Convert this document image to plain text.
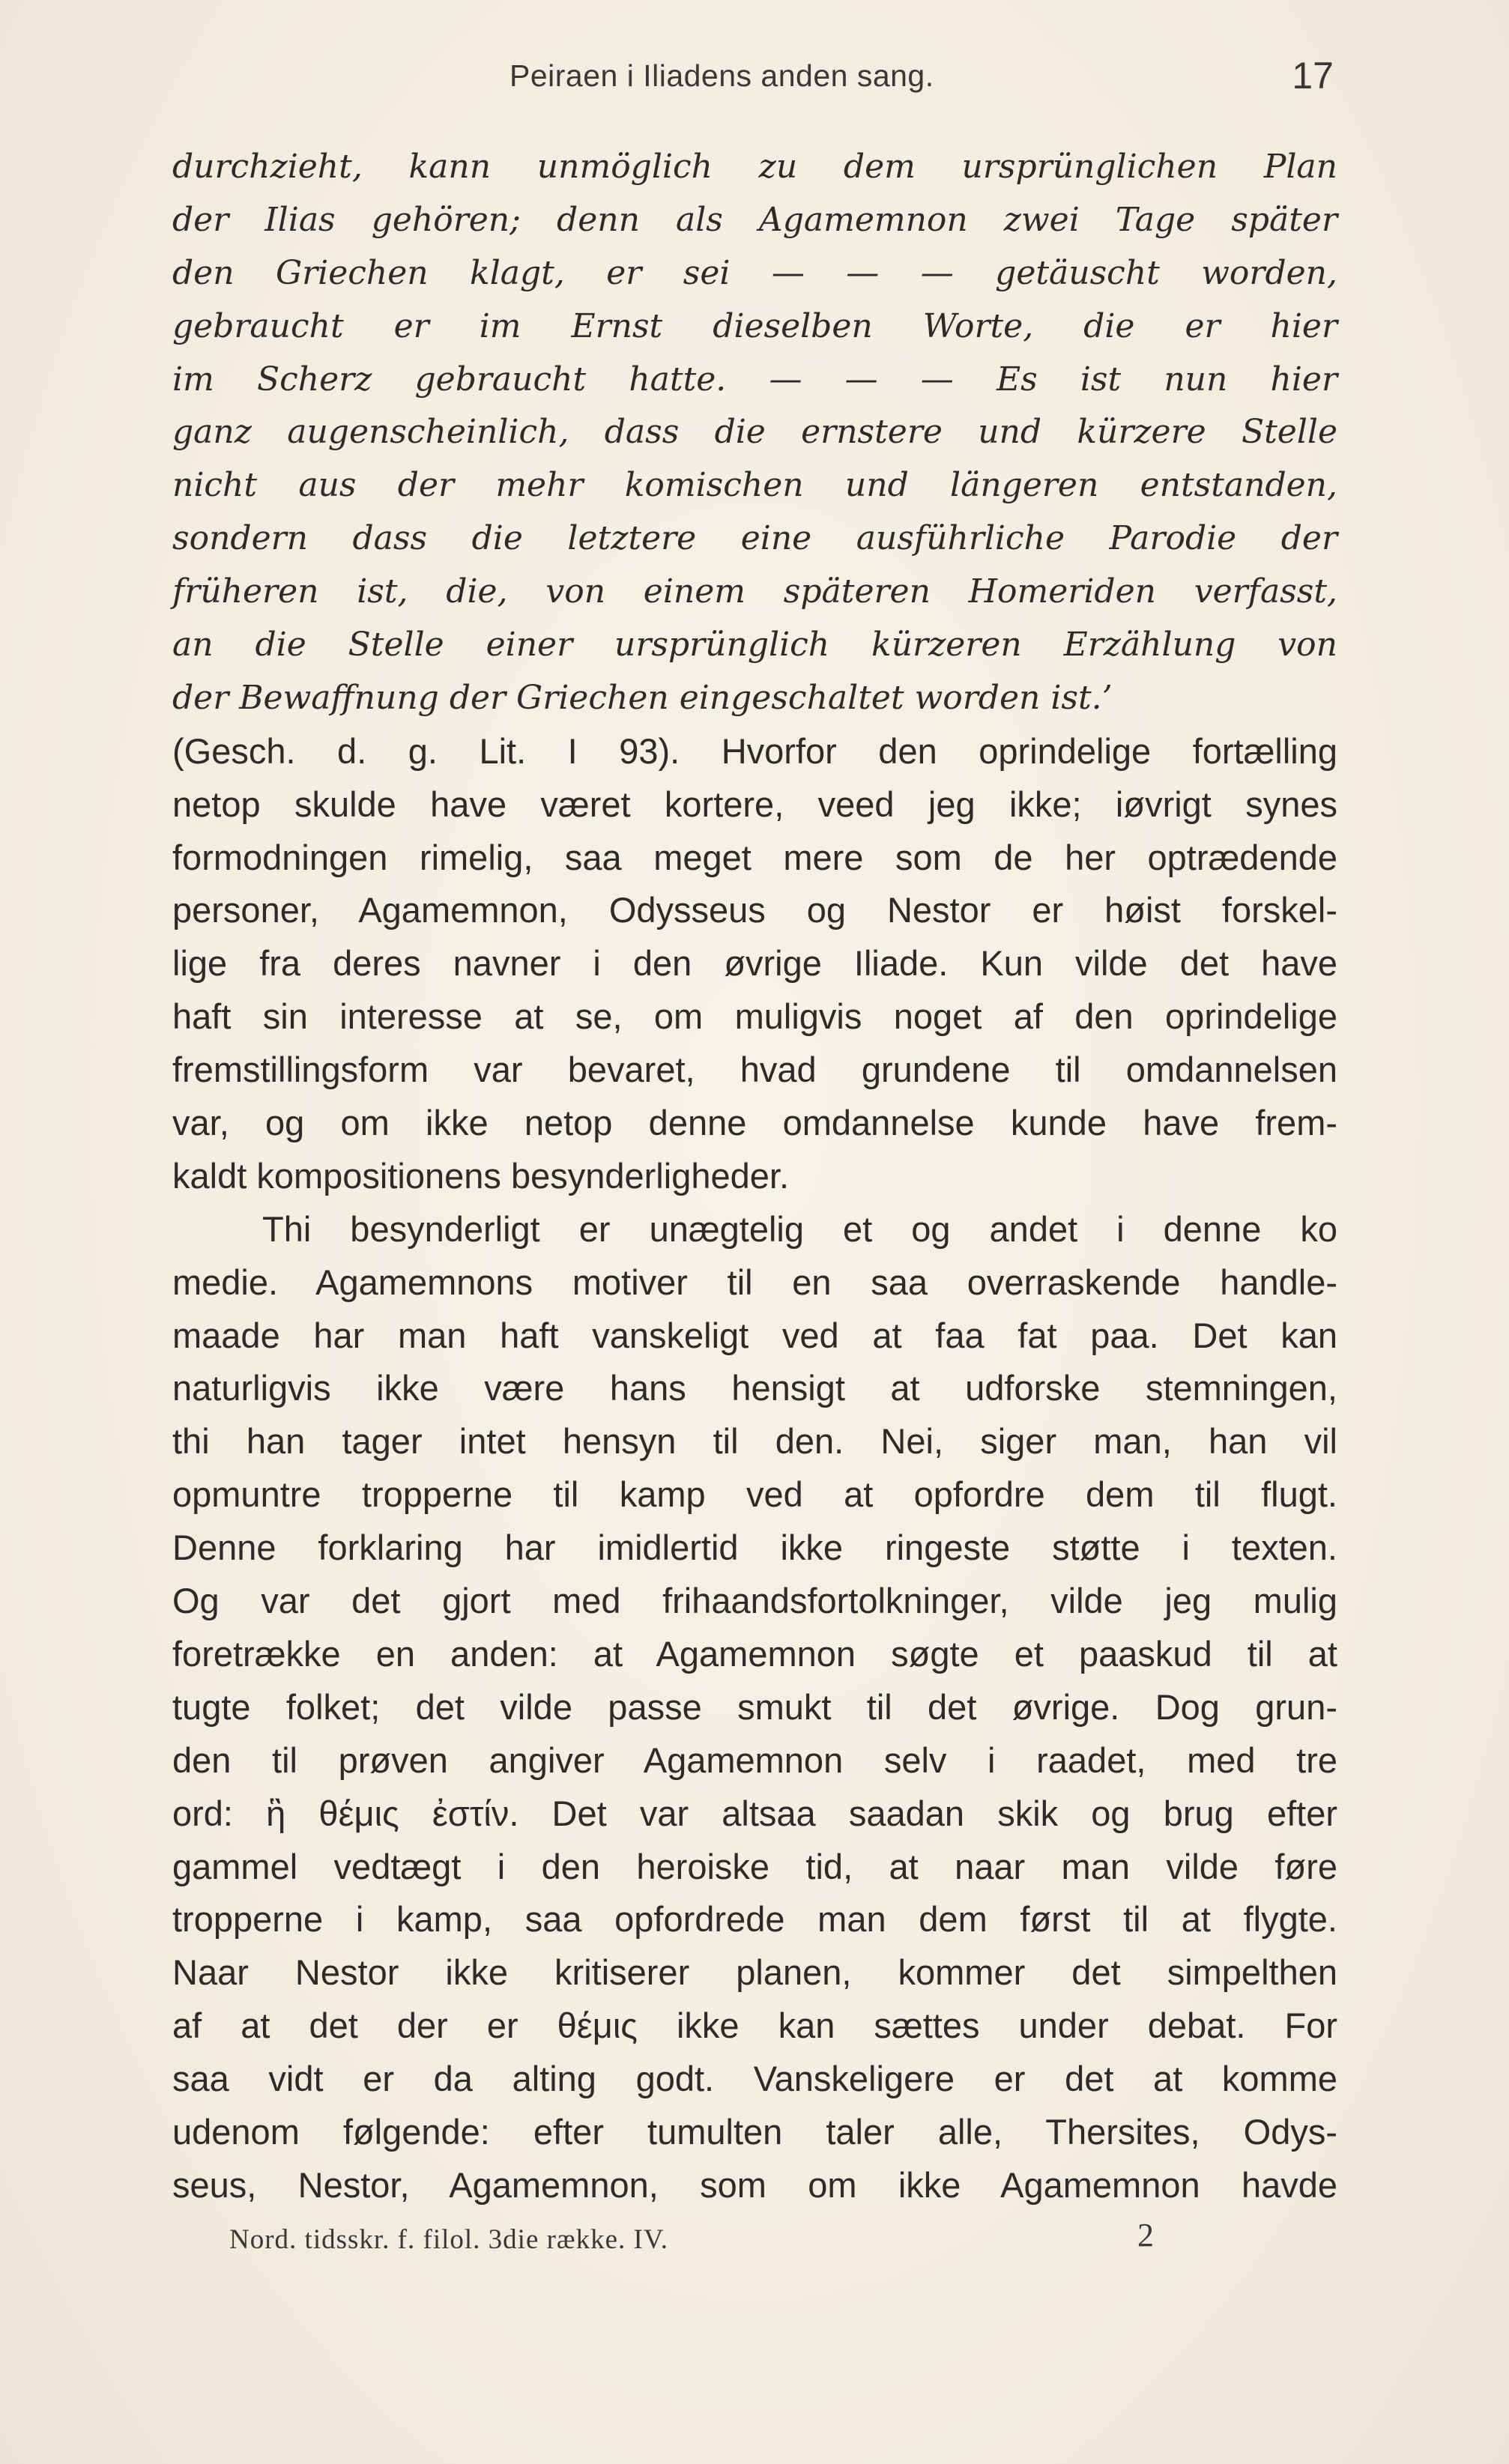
Peiraen i Iliadens anden sang.	17
durchzieht, kann unmöglich zu dem ursprünglichen Plan
der Ilias gehören; denn als Agamemnon zwei Tage später
den Griechen klagt, er sei — — — getäuscht worden,
gebraucht er im Ernst dieselben Worte, die er hier
im Scherz gebraucht hatte. — — — Es ist nun hier
ganz augenscheinlich, dass die ernstere und kürzere Stelle
nicht aus der mehr komischen und längeren entstanden,
sondern dass die letztere eine ausführliche Parodie der
früheren ist, die, von einem späteren Homeriden verfasst,
an die Stelle einer ursprünglich kürzeren Erzählung von
der Bewaffnung der Griechen eingeschaltet worden ist.’
(Gesch. d. g. Lit. I 93). Hvorfor den oprindelige fortælling
netop skulde have været kortere, veed jeg ikke; iøvrigt synes
formodningen rimelig, saa meget mere som de her optrædende
personer, Agamemnon, Odysseus og Nestor er høist forskel-
lige fra deres navner i den øvrige Iliade. Kun vilde det have
haft sin interesse at se, om muligvis noget af den oprindelige
fremstillingsform var bevaret, hvad grundene til omdannelsen
var, og om ikke netop denne omdannelse kunde have frem-
kaldt kompositionens besynderligheder.
Thi besynderligt er unægtelig et og andet i denne ko
medie. Agamemnons motiver til en saa overraskende handle-
maade har man haft vanskeligt ved at faa fat paa. Det kan
naturligvis ikke være hans hensigt at udforske stemningen,
thi han tager intet hensyn til den. Nei, siger man, han vil
opmuntre tropperne til kamp ved at opfordre dem til flugt.
Denne forklaring har imidlertid ikke ringeste støtte i texten.
Og var det gjort med frihaandsfortolkninger, vilde jeg mulig
foretrække en anden: at Agamemnon søgte et paaskud til at
tugte folket; det vilde passe smukt til det øvrige. Dog grun-
den til prøven angiver Agamemnon selv i raadet, med tre
ord: ἣ θέμις ἐστίν. Det var altsaa saadan skik og brug efter
gammel vedtægt i den heroiske tid, at naar man vilde føre
tropperne i kamp, saa opfordrede man dem først til at flygte.
Naar Nestor ikke kritiserer planen, kommer det simpelthen
af at det der er θέμις ikke kan sættes under debat. For
saa vidt er da alting godt. Vanskeligere er det at komme
udenom følgende: efter tumulten taler alle, Thersites, Odys-
seus, Nestor, Agamemnon, som om ikke Agamemnon havde
Nord. tidsskr. f. filol. 3die række. IV.	2
